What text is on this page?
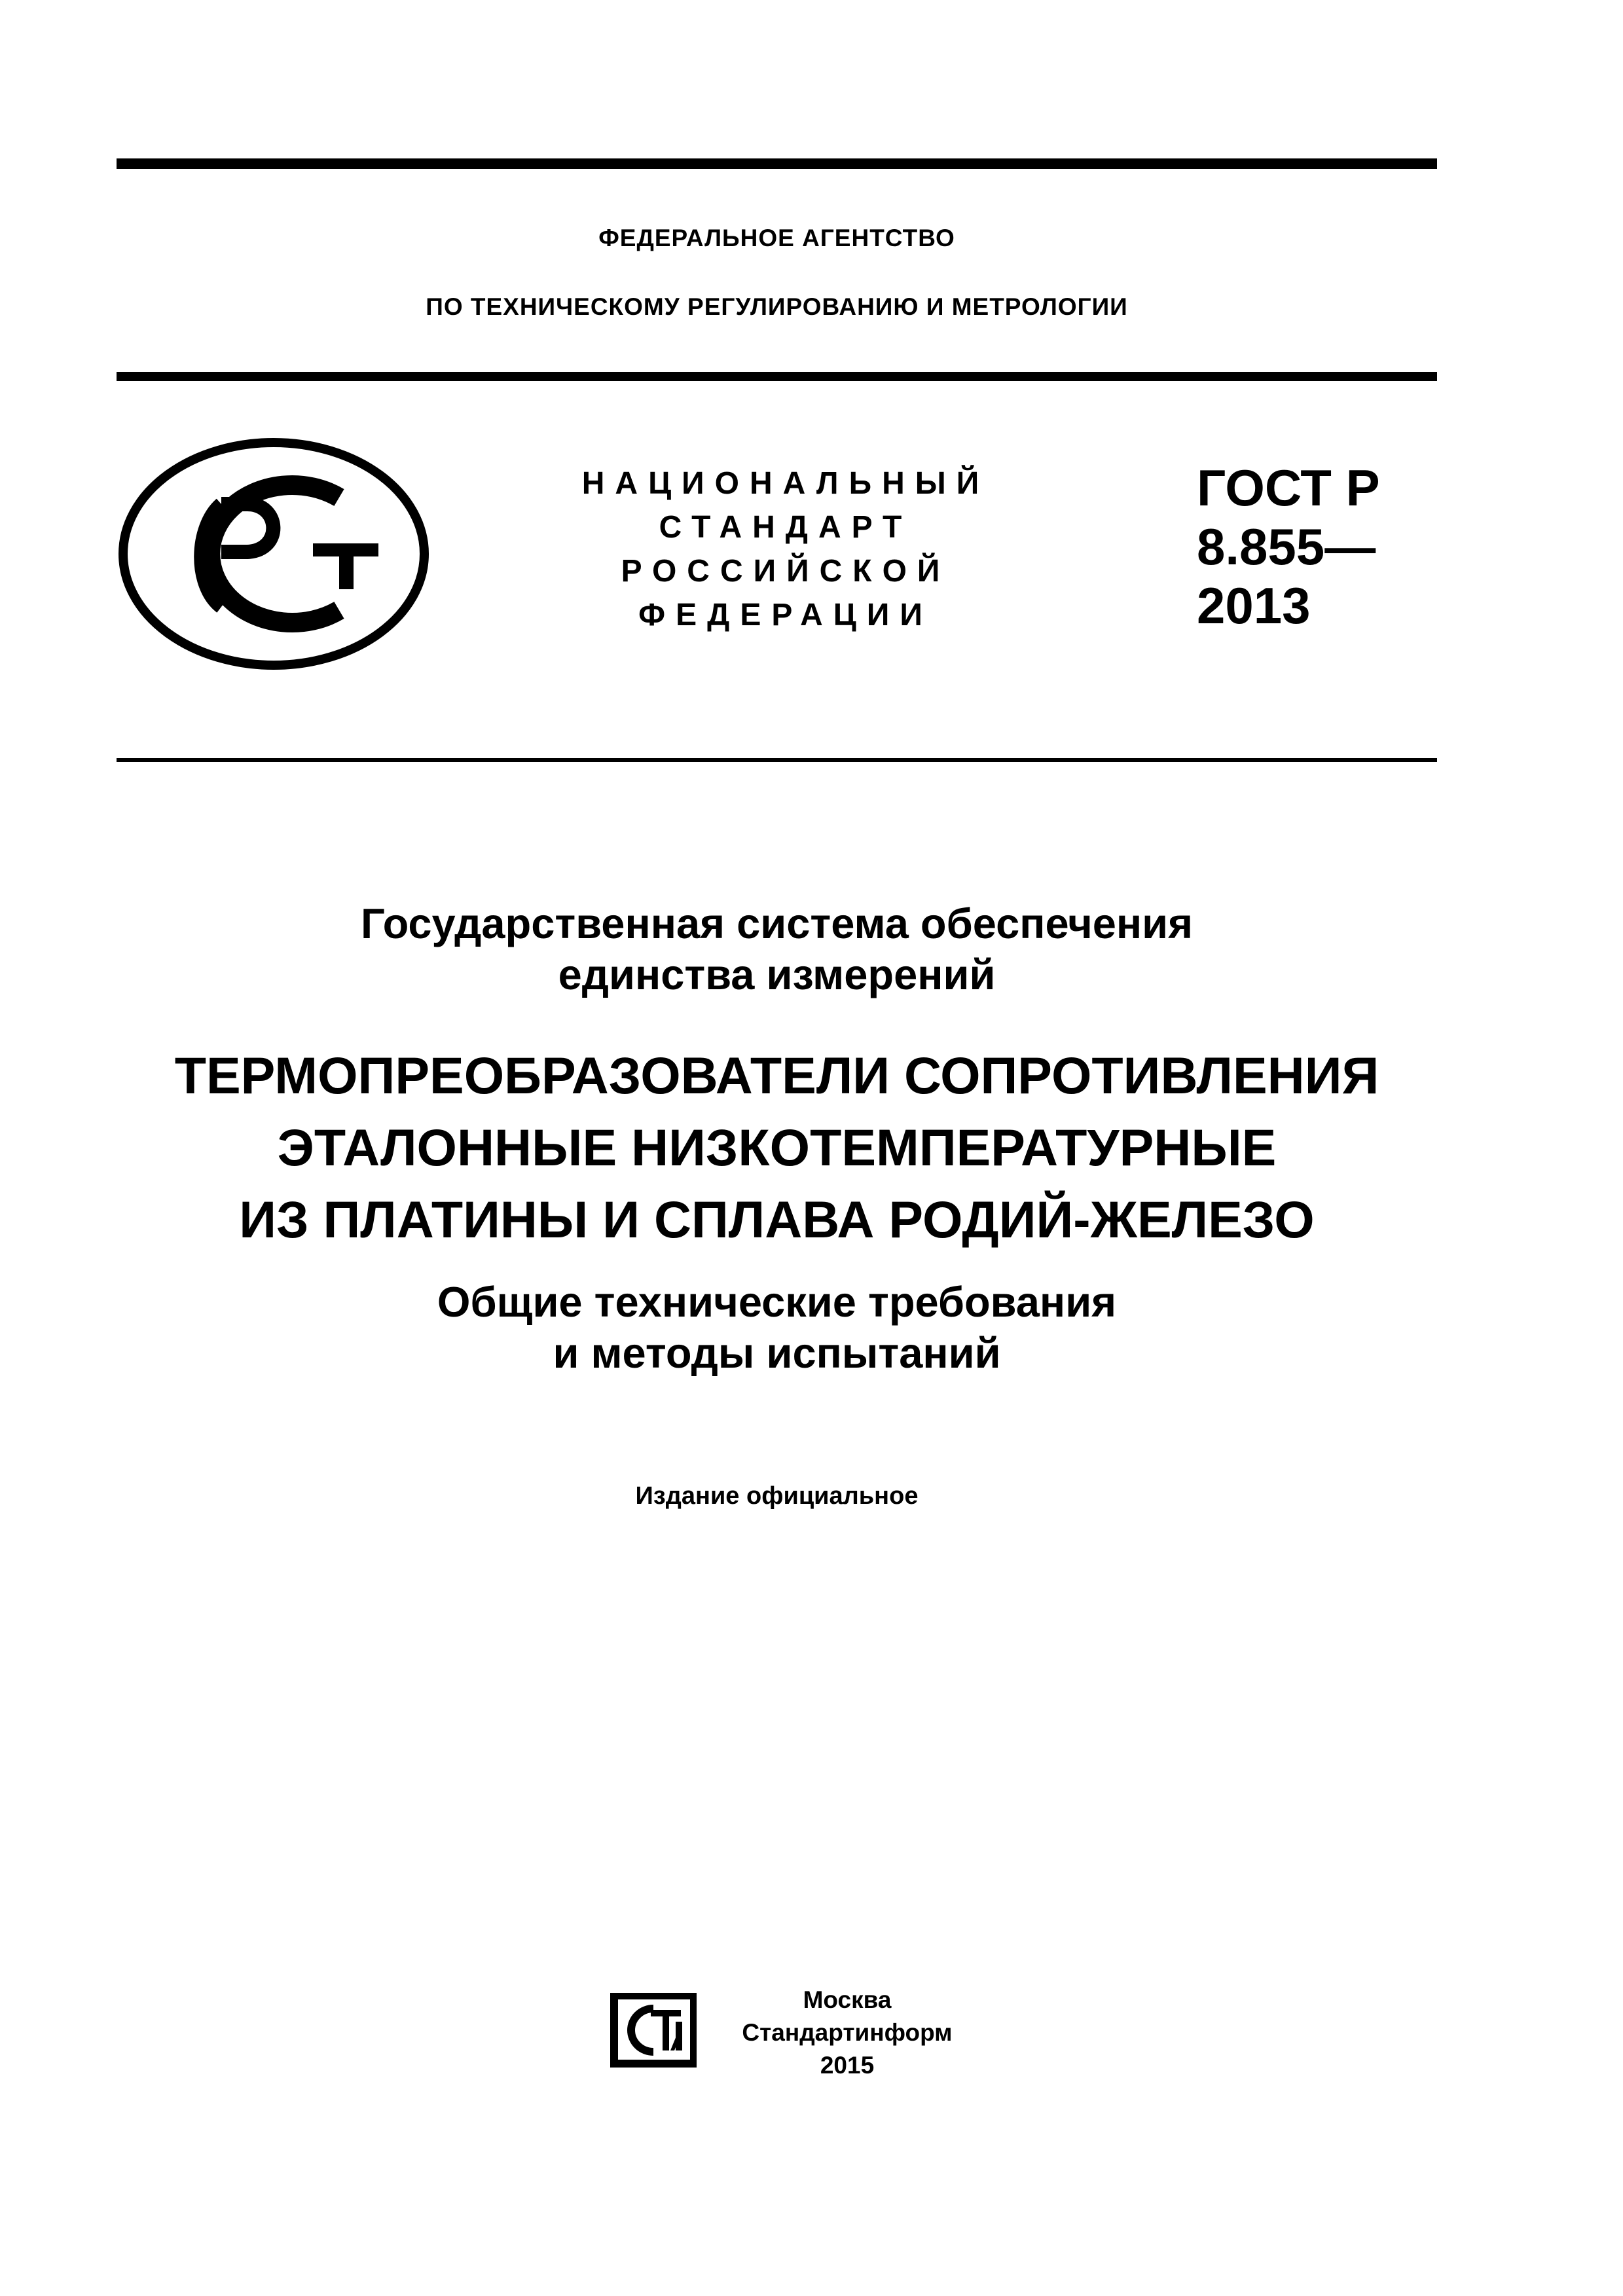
ФЕДЕРАЛЬНОЕ АГЕНТСТВО
ПО ТЕХНИЧЕСКОМУ РЕГУЛИРОВАНИЮ И МЕТРОЛОГИИ
НАЦИОНАЛЬНЫЙ
СТАНДАРТ
РОССИЙСКОЙ
ФЕДЕРАЦИИ
ГОСТ Р
8.855—
2013
Государственная система обеспечения
единства измерений
ТЕРМОПРЕОБРАЗОВАТЕЛИ СОПРОТИВЛЕНИЯ
ЭТАЛОННЫЕ НИЗКОТЕМПЕРАТУРНЫЕ
ИЗ ПЛАТИНЫ И СПЛАВА РОДИЙ-ЖЕЛЕЗО
Общие технические требования
и методы испытаний
Издание официальное
Москва
Стандартинформ
2015
